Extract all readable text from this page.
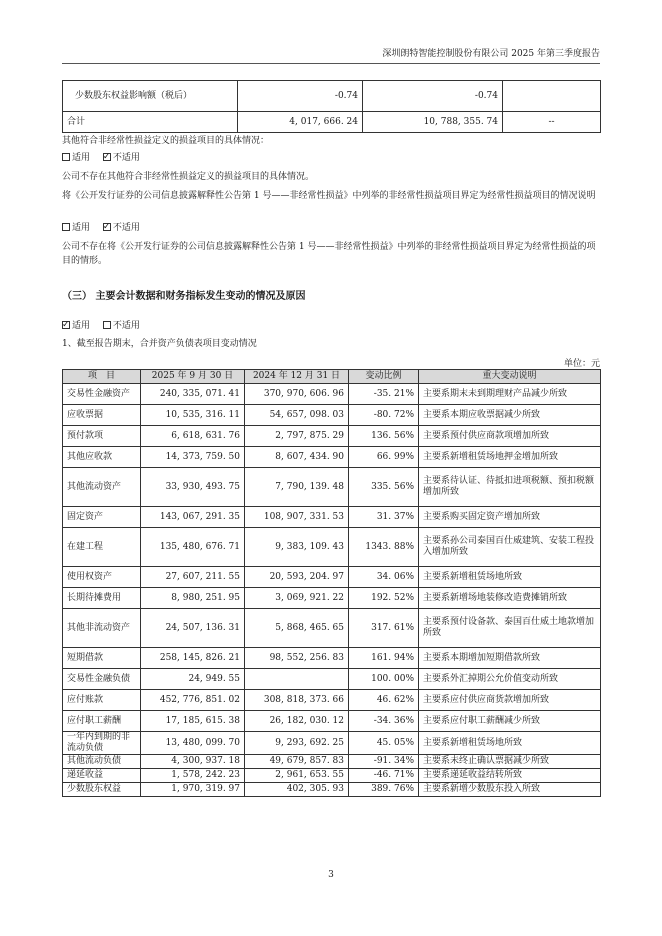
深圳朗特智能控制股份有限公司 2025 年第三季度报告
少数股东权益影响额（税后）	-0.74	-0.74	
合计	4, 017, 666. 24	10, 788, 355. 74	--
其他符合非经常性损益定义的损益项目的具体情况：
适用 ✓	不适用
公司不存在其他符合非经常性损益定义的损益项目的具体情况。
将《公开发行证券的公司信息披露解释性公告第 1 号——非经常性损益》中列举的非经常性损益项目界定为经常性损益项目的情况说明
适用 ✓	不适用
公司不存在将《公开发行证券的公司信息披露解释性公告第 1 号——非经常性损益》中列举的非经常性损益项目界定为经常性损益的项目的情形。
（三） 主要会计数据和财务指标发生变动的情况及原因
✓适用	不适用
1、截至报告期末，合并资产负债表项目变动情况
单位：元
项　目	2025 年 9 月 30 日	2024 年 12 月 31 日	变动比例	重大变动说明
交易性金融资产	240, 335, 071. 41	370, 970, 606. 96	-35. 21%	主要系期末未到期理财产品减少所致
应收票据	10, 535, 316. 11	54, 657, 098. 03	-80. 72%	主要系本期应收票据减少所致
预付款项	6, 618, 631. 76	2, 797, 875. 29	136. 56%	主要系预付供应商款项增加所致
其他应收款	14, 373, 759. 50	8, 607, 434. 90	66. 99%	主要系新增租赁场地押金增加所致
其他流动资产	33, 930, 493. 75	7, 790, 139. 48	335. 56%	主要系待认证、待抵扣进项税额、预扣税额增加所致
固定资产	143, 067, 291. 35	108, 907, 331. 53	31. 37%	主要系购买固定资产增加所致
在建工程	135, 480, 676. 71	9, 383, 109. 43	1343. 88%	主要系孙公司泰国百仕威建筑、安装工程投入增加所致
使用权资产	27, 607, 211. 55	20, 593, 204. 97	34. 06%	主要系新增租赁场地所致
长期待摊费用	8, 980, 251. 95	3, 069, 921. 22	192. 52%	主要系新增场地装修改造费摊销所致
其他非流动资产	24, 507, 136. 31	5, 868, 465. 65	317. 61%	主要系预付设备款、泰国百仕威土地款增加所致
短期借款	258, 145, 826. 21	98, 552, 256. 83	161. 94%	主要系本期增加短期借款所致
交易性金融负债	24, 949. 55		100. 00%	主要系外汇掉期公允价值变动所致
应付账款	452, 776, 851. 02	308, 818, 373. 66	46. 62%	主要系应付供应商货款增加所致
应付职工薪酬	17, 185, 615. 38	26, 182, 030. 12	-34. 36%	主要系应付职工薪酬减少所致
一年内到期的非流动负债	13, 480, 099. 70	9, 293, 692. 25	45. 05%	主要系新增租赁场地所致
其他流动负债	4, 300, 937. 18	49, 679, 857. 83	-91. 34%	主要系未终止确认票据减少所致
递延收益	1, 578, 242. 23	2, 961, 653. 55	-46. 71%	主要系递延收益结转所致
少数股东权益	1, 970, 319. 97	402, 305. 93	389. 76%	主要系新增少数股东投入所致
3
